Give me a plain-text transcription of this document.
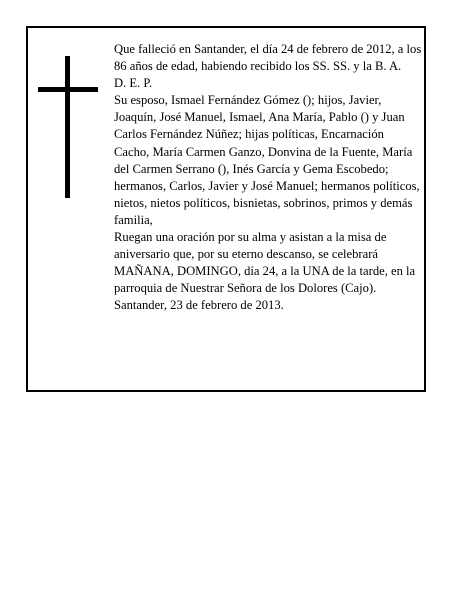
Que falleció en Santander, el día 24 de febrero de 2012, a los 86 años de edad, habiendo recibido los SS. SS. y la B. A.

D. E. P.

Su esposo, Ismael Fernández Gómez (); hijos, Javier, Joaquín, José Manuel, Ismael, Ana María, Pablo () y Juan Carlos Fernández Núñez; hijas políticas, Encarnación Cacho, María Carmen Ganzo, Donvina de la Fuente, María del Carmen Serrano (), Inés García y Gema Escobedo; hermanos, Carlos, Javier y José Manuel; hermanos políticos, nietos, nietos políticos, bisnietas, sobrinos, primos y demás familia,

Ruegan una oración por su alma y asistan a la misa de aniversario que, por su eterno descanso, se celebrará MAÑANA, DOMINGO, día 24, a la UNA de la tarde, en la parroquia de Nuestrar Señora de los Dolores (Cajo).

Santander, 23 de febrero de 2013.
